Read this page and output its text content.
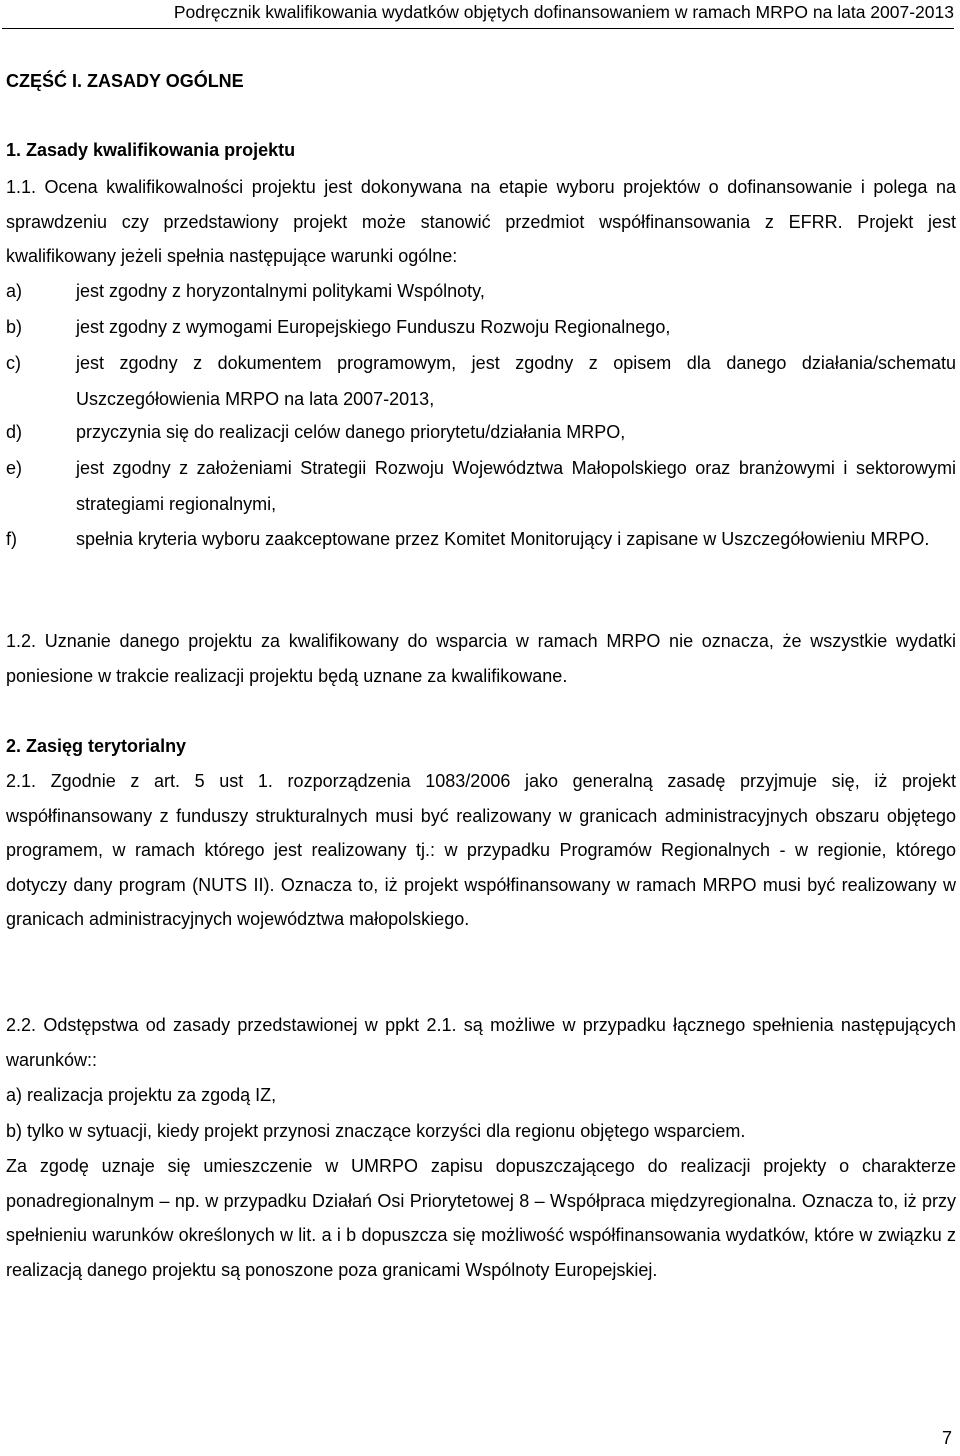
Podręcznik kwalifikowania wydatków objętych dofinansowaniem w ramach MRPO na lata 2007-2013
CZĘŚĆ I. ZASADY OGÓLNE
1. Zasady kwalifikowania projektu
1.1. Ocena kwalifikowalności projektu jest dokonywana na etapie wyboru projektów o dofinansowanie i polega na sprawdzeniu czy przedstawiony projekt może stanowić przedmiot współfinansowania z EFRR. Projekt jest kwalifikowany jeżeli spełnia następujące warunki ogólne:
a)	jest zgodny z horyzontalnymi politykami Wspólnoty,
b)	jest zgodny z wymogami Europejskiego Funduszu Rozwoju Regionalnego,
c)	jest zgodny z dokumentem programowym, jest zgodny z opisem dla danego działania/schematu Uszczegółowienia MRPO na lata 2007-2013,
d)	przyczynia się do realizacji celów danego priorytetu/działania MRPO,
e)	jest zgodny z założeniami Strategii Rozwoju Województwa Małopolskiego oraz branżowymi i sektorowymi strategiami regionalnymi,
f)	spełnia kryteria wyboru zaakceptowane przez Komitet Monitorujący i zapisane w Uszczegółowieniu MRPO.
1.2. Uznanie danego projektu za kwalifikowany do wsparcia w ramach MRPO nie oznacza, że wszystkie wydatki poniesione w trakcie realizacji projektu będą uznane za kwalifikowane.
2. Zasięg terytorialny
2.1. Zgodnie z art. 5 ust 1. rozporządzenia 1083/2006 jako generalną zasadę przyjmuje się, iż projekt współfinansowany z funduszy strukturalnych musi być realizowany w granicach administracyjnych obszaru objętego programem, w ramach którego jest realizowany tj.: w przypadku Programów Regionalnych - w regionie, którego dotyczy dany program (NUTS II). Oznacza to, iż projekt współfinansowany w ramach MRPO musi być realizowany w granicach administracyjnych województwa małopolskiego.
2.2. Odstępstwa od zasady przedstawionej w ppkt 2.1. są możliwe w przypadku łącznego spełnienia następujących warunków::
a) realizacja projektu za zgodą IZ,
b) tylko w sytuacji, kiedy projekt przynosi znaczące korzyści dla regionu objętego wsparciem.
Za zgodę uznaje się umieszczenie w UMRPO zapisu dopuszczającego do realizacji projekty o charakterze ponadregionalnym – np. w przypadku Działań Osi Priorytetowej 8 – Współpraca międzyregionalna. Oznacza to, iż przy spełnieniu warunków określonych w lit. a i b dopuszcza się możliwość współfinansowania wydatków, które w związku z realizacją danego projektu są ponoszone poza granicami Wspólnoty Europejskiej.
7
